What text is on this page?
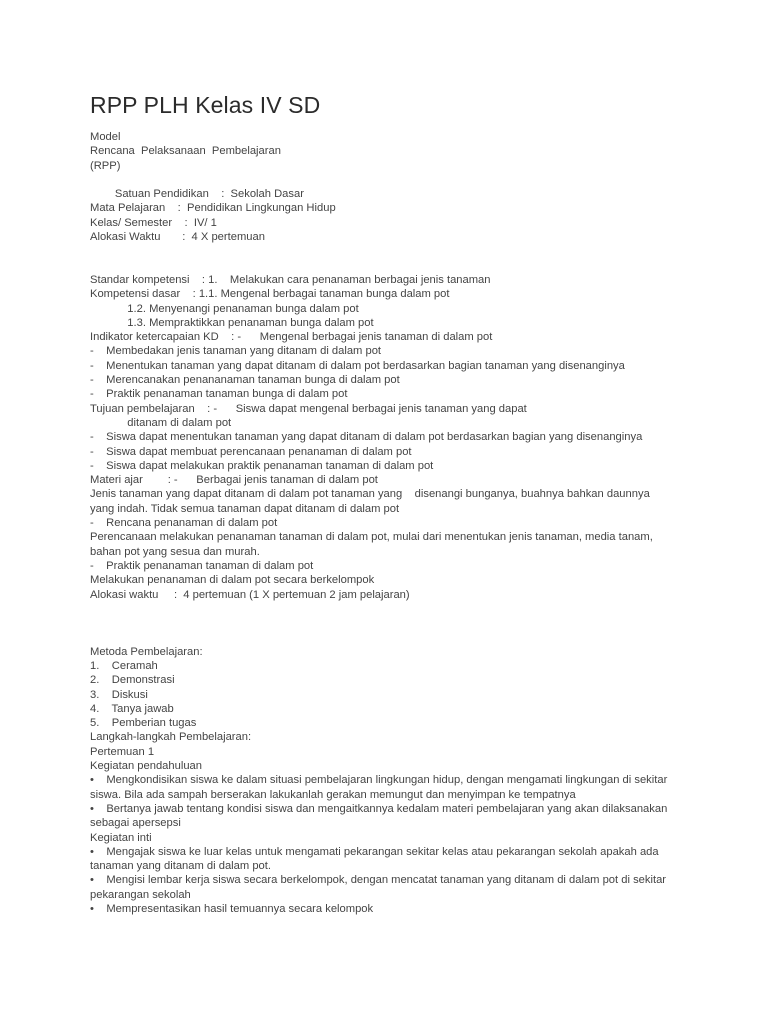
RPP PLH Kelas IV SD
Model
Rencana  Pelaksanaan  Pembelajaran
(RPP)
Satuan Pendidikan    :  Sekolah Dasar
Mata Pelajaran    :  Pendidikan Lingkungan Hidup
Kelas/ Semester    :  IV/ 1
Alokasi Waktu       :  4 X pertemuan
Standar kompetensi    : 1.    Melakukan cara penanaman berbagai jenis tanaman
Kompetensi dasar    : 1.1. Mengenal berbagai tanaman bunga dalam pot
1.2. Menyenangi penanaman bunga dalam pot
1.3. Mempraktikkan penanaman bunga dalam pot
Indikator ketercapaian KD    : -      Mengenal berbagai jenis tanaman di dalam pot
-    Membedakan jenis tanaman yang ditanam di dalam pot
-    Menentukan tanaman yang dapat ditanam di dalam pot berdasarkan bagian tanaman yang disenanginya
-    Merencanakan penananaman tanaman bunga di dalam pot
-    Praktik penanaman tanaman bunga di dalam pot
Tujuan pembelajaran    : -      Siswa dapat mengenal berbagai jenis tanaman yang dapat
ditanam di dalam pot
-    Siswa dapat menentukan tanaman yang dapat ditanam di dalam pot berdasarkan bagian yang disenanginya
-    Siswa dapat membuat perencanaan penanaman di dalam pot
-    Siswa dapat melakukan praktik penanaman tanaman di dalam pot
Materi ajar        : -      Berbagai jenis tanaman di dalam pot
Jenis tanaman yang dapat ditanam di dalam pot tanaman yang    disenangi bunganya, buahnya bahkan daunnya
yang indah. Tidak semua tanaman dapat ditanam di dalam pot
-    Rencana penanaman di dalam pot
Perencanaan melakukan penanaman tanaman di dalam pot, mulai dari menentukan jenis tanaman, media tanam,
bahan pot yang sesua dan murah.
-    Praktik penanaman tanaman di dalam pot
Melakukan penanaman di dalam pot secara berkelompok
Alokasi waktu     :  4 pertemuan (1 X pertemuan 2 jam pelajaran)
Metoda Pembelajaran:
1.    Ceramah
2.    Demonstrasi
3.    Diskusi
4.    Tanya jawab
5.    Pemberian tugas
Langkah-langkah Pembelajaran:
Pertemuan 1
Kegiatan pendahuluan
•    Mengkondisikan siswa ke dalam situasi pembelajaran lingkungan hidup, dengan mengamati lingkungan di sekitar
siswa. Bila ada sampah berserakan lakukanlah gerakan memungut dan menyimpan ke tempatnya
•    Bertanya jawab tentang kondisi siswa dan mengaitkannya kedalam materi pembelajaran yang akan dilaksanakan
sebagai apersepsi
Kegiatan inti
•    Mengajak siswa ke luar kelas untuk mengamati pekarangan sekitar kelas atau pekarangan sekolah apakah ada
tanaman yang ditanam di dalam pot.
•    Mengisi lembar kerja siswa secara berkelompok, dengan mencatat tanaman yang ditanam di dalam pot di sekitar
pekarangan sekolah
•    Mempresentasikan hasil temuannya secara kelompok
